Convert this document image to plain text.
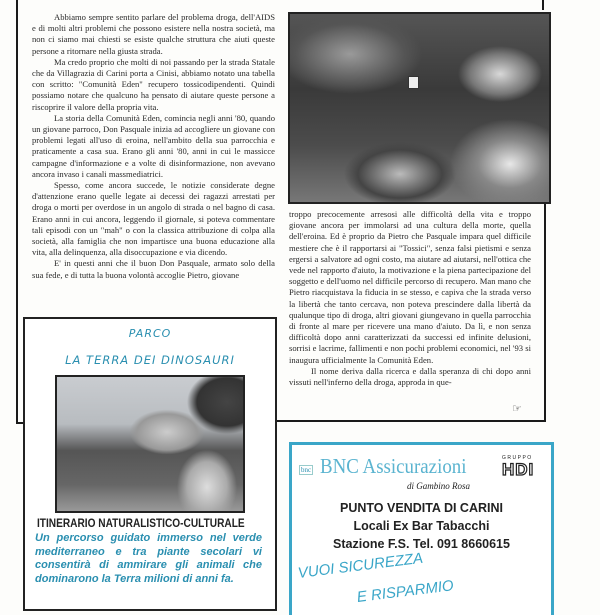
Abbiamo sempre sentito parlare del problema droga, dell'AIDS e di molti altri problemi che possono esistere nella nostra società, ma non ci siamo mai chiesti se esiste qualche struttura che aiuti queste persone a ritornare nella giusta strada.

Ma credo proprio che molti di noi passando per la strada Statale che da Villagrazia di Carini porta a Cinisi, abbiamo notato una tabella con scritto: "Comunità Eden" recupero tossicodipendenti. Quindi possiamo notare che qualcuno ha pensato di aiutare queste persone a riscoprire il valore della propria vita.

La storia della Comunità Eden, comincia negli anni '80, quando un giovane parroco, Don Pasquale inizia ad accogliere un giovane con problemi legati all'uso di eroina, nell'ambito della sua parrocchia e praticamente a casa sua. Erano gli anni '80, anni in cui le massicce campagne d'informazione e a volte di disinformazione, non avevano ancora invaso i canali massmediatrici.

Spesso, come ancora succede, le notizie considerate degne d'attenzione erano quelle legate ai decessi dei ragazzi arrestati per droga o morti per overdose in un angolo di strada o nel bagno di casa. Erano anni in cui ancora, leggendo il giornale, si poteva commentare tali episodi con un "mah" o con la classica attribuzione di colpa alla società, alla famiglia che non impartisce una buona educazione alla vita, alla delinquenza, alla disoccupazione e via dicendo.

E' in questi anni che il buon Don Pasquale, armato solo della sua fede, e di tutta la buona volontà accoglie Pietro, giovane

troppo precocemente arresosi alle difficoltà della vita e troppo giovane ancora per immolarsi ad una cultura della morte, quella dell'eroina. Ed è proprio da Pietro che Pasquale impara quel difficile mestiere che è il rapportarsi ai "Tossici", senza falsi pietismi e senza ergersi a salvatore ad ogni costo, ma aiutare ad aiutarsi, nell'ottica che vede nel rapporto d'aiuto, la motivazione e la piena partecipazione del soggetto e dell'uomo nel difficile percorso di recupero. Man mano che Pietro riacquistava la fiducia in se stesso, e capiva che la strada verso la libertà che tanto cercava, non poteva prescindere dalla libertà da qualunque tipo di droga, altri giovani giungevano in quella parrocchia di fronte al mare per ricevere una mano d'aiuto. Da lì, e non senza difficoltà dopo anni caratterizzati da successi ed infinite delusioni, sorrisi e lacrime, fallimenti e non pochi problemi economici, nel '93 si inaugura ufficialmente la Comunità Eden.

Il nome deriva dalla ricerca e dalla speranza di chi dopo anni vissuti nell'inferno della droga, approda in que-

☞
PARCO
LA TERRA DEI DINOSAURI
ITINERARIO NATURALISTICO-CULTURALE
Un percorso guidato immerso nel verde mediterraneo e tra piante secolari vi consentirà di ammirare gli animali che dominarono la Terra milioni di anni fa.
bnc BNC Assicurazioni
di Gambino Rosa
GRUPPO
HDI
PUNTO VENDITA DI CARINI
Locali Ex Bar Tabacchi
Stazione F.S. Tel. 091 8660615
VUOI SICUREZZA
E RISPARMIO
